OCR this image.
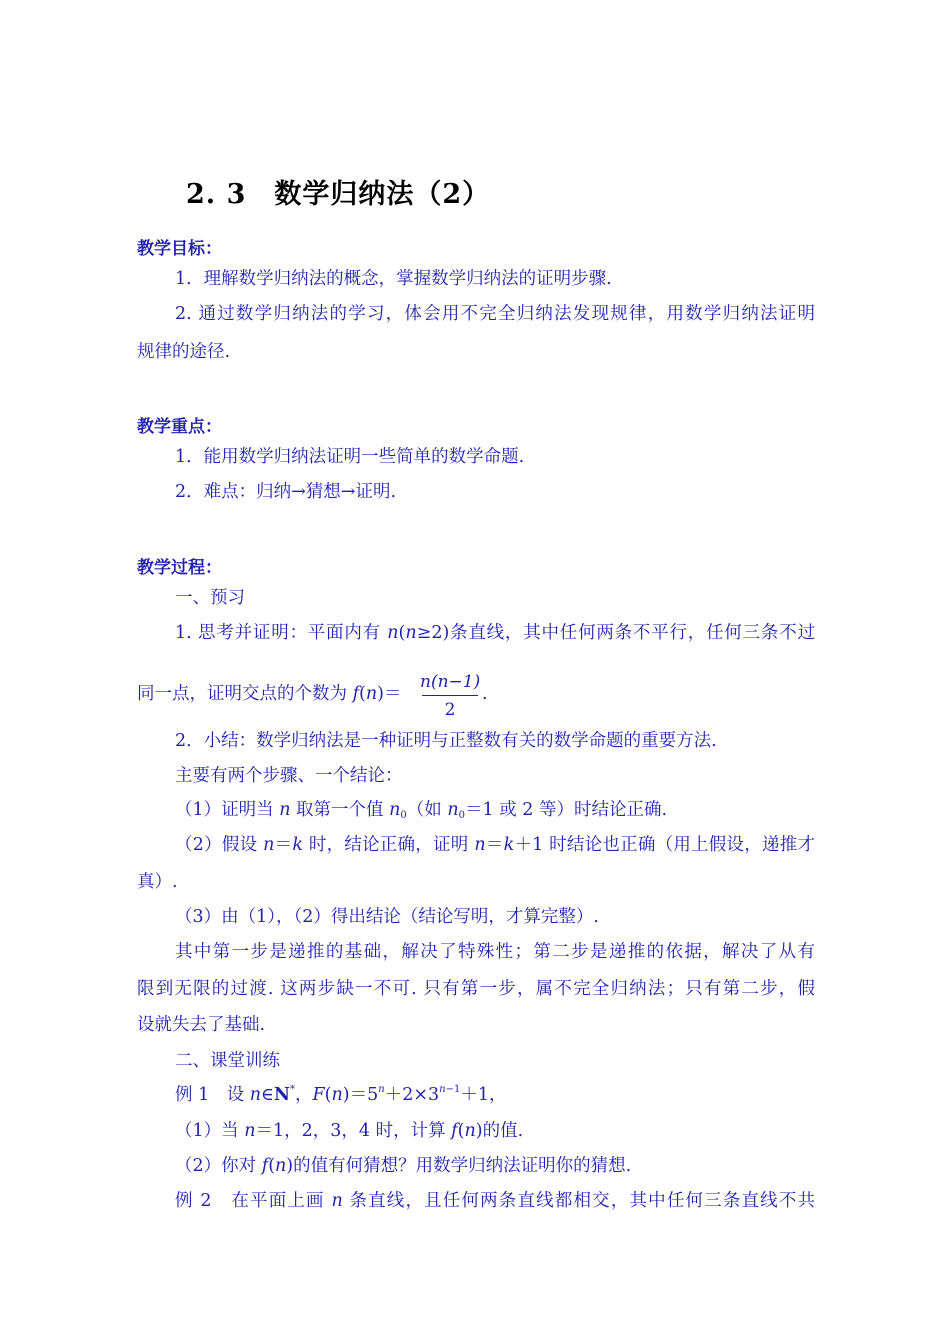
2. 3　数学归纳法（2）
教学目标：
1．理解数学归纳法的概念，掌握数学归纳法的证明步骤.
2. 通过数学归纳法的学习，体会用不完全归纳法发现规律，用数学归纳法证明
规律的途径.
教学重点：
1．能用数学归纳法证明一些简单的数学命题.
2．难点：归纳→猜想→证明.
教学过程：
一、预习
1. 思考并证明：平面内有 n(n≥2)条直线，其中任何两条不平行，任何三条不过
同一点，证明交点的个数为 f(n)＝
n(n−1)
2
.
2．小结：数学归纳法是一种证明与正整数有关的数学命题的重要方法.
主要有两个步骤、一个结论：
（1）证明当 n 取第一个值 $n_0$（如 $n_0=1$ 或 2 等）时结论正确.
（2）假设 n＝k 时，结论正确，证明 n＝k＋1 时结论也正确（用上假设，递推才
真）.
（3）由（1），（2）得出结论（结论写明，才算完整）.
其中第一步是递推的基础，解决了特殊性；第二步是递推的依据，解决了从有
限到无限的过渡. 这两步缺一不可. 只有第一步，属不完全归纳法；只有第二步，假
设就失去了基础.
二、课堂训练
例 1　设 n∈N*，$F(n)=5^n+2\times 3^{n-1}+1$，
（1）当 n＝1，2，3，4 时，计算 f(n)的值.
（2）你对 f(n)的值有何猜想？用数学归纳法证明你的猜想.
例 2　在平面上画 n 条直线，且任何两条直线都相交，其中任何三条直线不共
